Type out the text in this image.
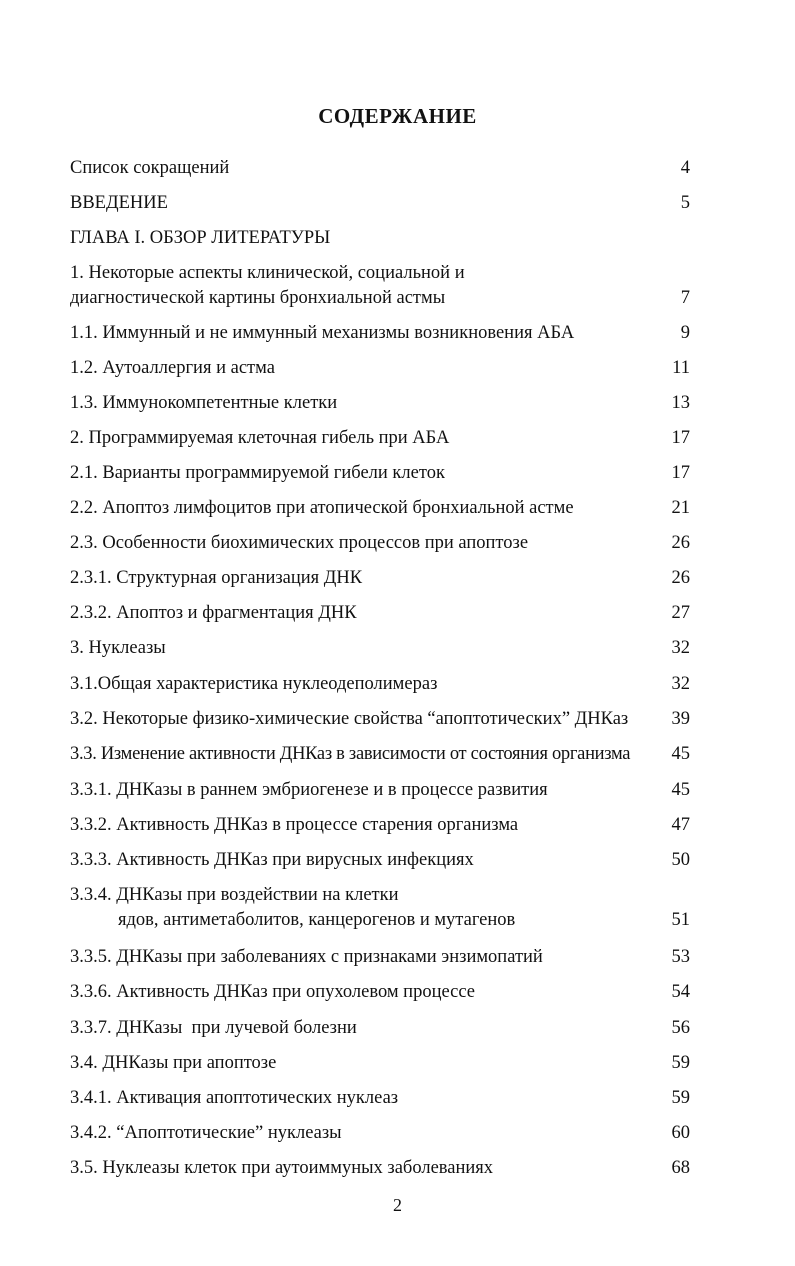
СОДЕРЖАНИЕ
Список сокращений	4
ВВЕДЕНИЕ	5
ГЛАВА I. ОБЗОР ЛИТЕРАТУРЫ
1. Некоторые аспекты клинической, социальной и
диагностической картины бронхиальной астмы	7
1.1. Иммунный и не иммунный механизмы возникновения АБА	9
1.2. Аутоаллергия и астма	11
1.3. Иммунокомпетентные клетки	13
2. Программируемая клеточная гибель при АБА	17
2.1. Варианты программируемой гибели клеток	17
2.2. Апоптоз лимфоцитов при атопической бронхиальной астме	21
2.3. Особенности биохимических процессов при апоптозе	26
2.3.1. Структурная организация ДНК	26
2.3.2. Апоптоз и фрагментация ДНК	27
3. Нуклеазы	32
3.1.Общая характеристика нуклеодеполимераз	32
3.2. Некоторые физико-химические свойства “апоптотических” ДНКаз	39
3.3. Изменение активности ДНКаз в зависимости от состояния организма	45
3.3.1. ДНКазы в раннем эмбриогенезе и в процессе развития	45
3.3.2. Активность ДНКаз в процессе старения организма	47
3.3.3. Активность ДНКаз при вирусных инфекциях	50
3.3.4. ДНКазы при воздействии на клетки
ядов, антиметаболитов, канцерогенов и мутагенов	51
3.3.5. ДНКазы при заболеваниях с признаками энзимопатий	53
3.3.6. Активность ДНКаз при опухолевом процессе	54
3.3.7. ДНКазы  при лучевой болезни	56
3.4. ДНКазы при апоптозе	59
3.4.1. Активация апоптотических нуклеаз	59
3.4.2. “Апоптотические” нуклеазы	60
3.5. Нуклеазы клеток при аутоиммуных заболеваниях	68
2
